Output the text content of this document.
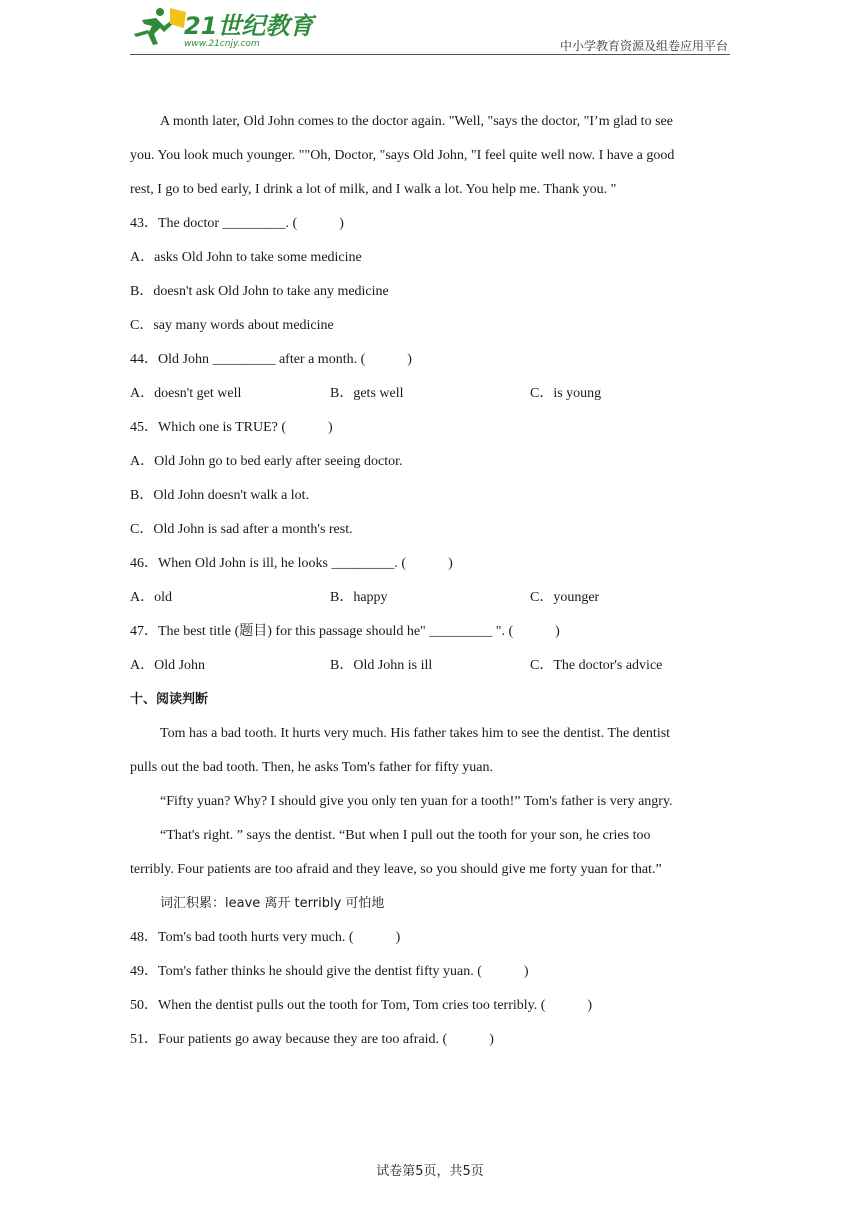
21世纪教育
www.21cnjy.com	中小学教育资源及组卷应用平台
A month later, Old John comes to the doctor again. "Well, "says the doctor, "I’m glad to see
you. You look much younger. ""Oh, Doctor, "says Old John, "I feel quite well now. I have a good
rest, I go to bed early, I drink a lot of milk, and I walk a lot. You help me. Thank you. "
43．The doctor _________. (　　　)
A．asks Old John to take some medicine
B．doesn't ask Old John to take any medicine
C．say many words about medicine
44．Old John _________ after a month. (　　　)
A．doesn't get well	B．gets well	C．is young
45．Which one is TRUE? (　　　)
A．Old John go to bed early after seeing doctor.
B．Old John doesn't walk a lot.
C．Old John is sad after a month's rest.
46．When Old John is ill, he looks _________. (　　　)
A．old	B．happy	C．younger
47．The best title (题目) for this passage should he" _________ ". (　　　)
A．Old John	B．Old John is ill	C．The doctor's advice
十、阅读判断
Tom has a bad tooth. It hurts very much. His father takes him to see the dentist. The dentist
pulls out the bad tooth. Then, he asks Tom's father for fifty yuan.
“Fifty yuan? Why? I should give you only ten yuan for a tooth!” Tom's father is very angry.
“That's right. ” says the dentist. “But when I pull out the tooth for your son, he cries too
terribly. Four patients are too afraid and they leave, so you should give me forty yuan for that.”
词汇积累：leave 离开 terribly 可怕地
48．Tom's bad tooth hurts very much. (　　　)
49．Tom's father thinks he should give the dentist fifty yuan. (　　　)
50．When the dentist pulls out the tooth for Tom, Tom cries too terribly. (　　　)
51．Four patients go away because they are too afraid. (　　　)
试卷第5页，共5页
